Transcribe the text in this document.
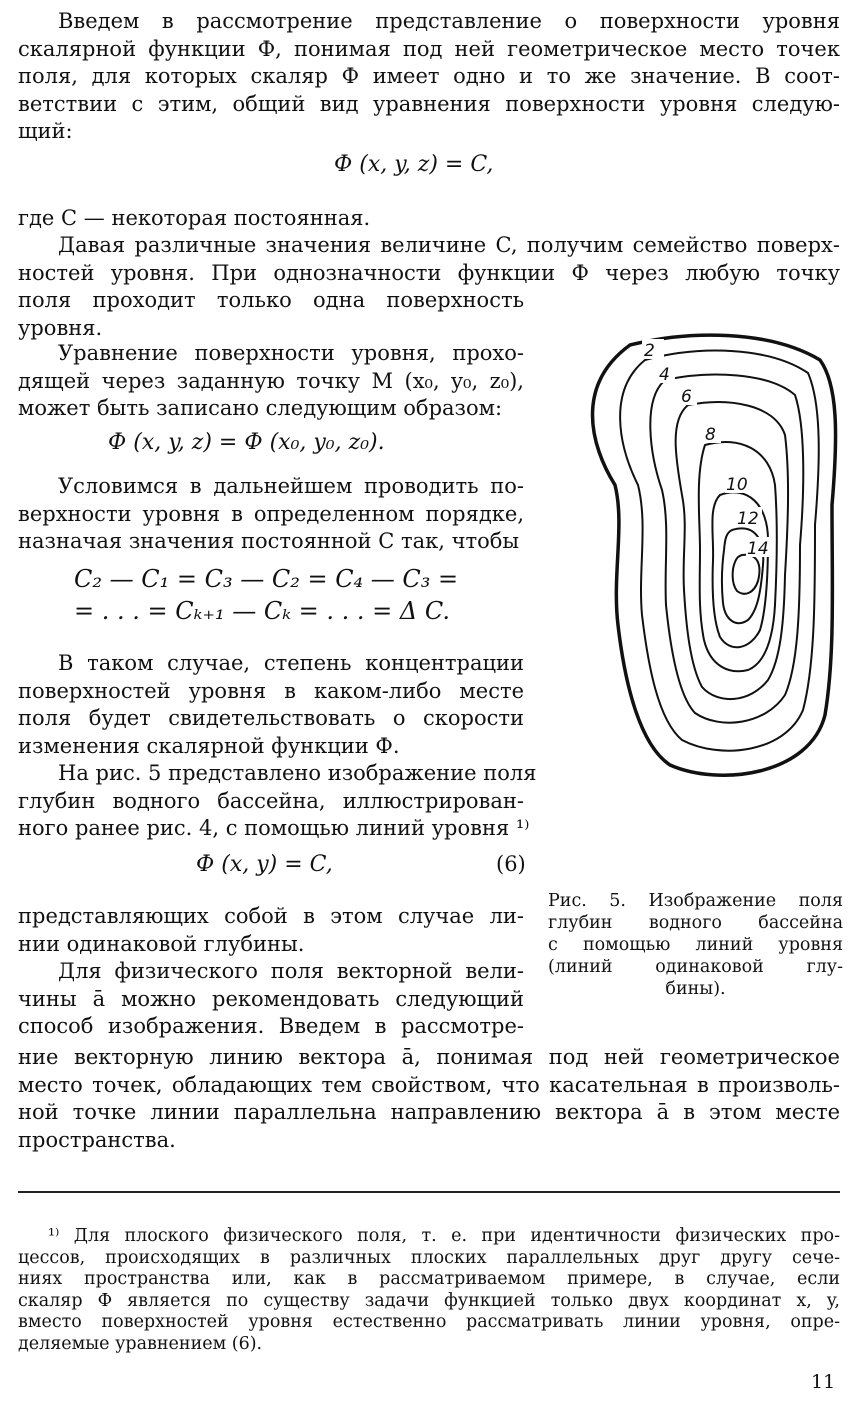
Введем в рассмотрение представление о поверхности уровня
скалярной функции Ф, понимая под ней геометрическое место точек
поля, для которых скаляр Ф имеет одно и то же значение. В соот-
ветствии с этим, общий вид уравнения поверхности уровня следую-
щий:
Ф (x, y, z) = C,
где C — некоторая постоянная.
Давая различные значения величине C, получим семейство поверх-
ностей уровня. При однозначности функции Ф через любую точку
поля проходит только одна поверхность
уровня.
Уравнение поверхности уровня, прохо-
дящей через заданную точку M (x₀, y₀, z₀),
может быть записано следующим образом:
Ф (x, y, z) = Ф (x₀, y₀, z₀).
Условимся в дальнейшем проводить по-
верхности уровня в определенном порядке,
назначая значения постоянной C так, чтобы
C₂ — C₁ = C₃ — C₂ = C₄ — C₃ =
= . . . = Cₖ₊₁ — Cₖ = . . . = Δ C.
В таком случае, степень концентрации
поверхностей уровня в каком-либо месте
поля будет свидетельствовать о скорости
изменения скалярной функции Ф.
На рис. 5 представлено изображение поля
глубин водного бассейна, иллюстрирован-
ного ранее рис. 4, с помощью линий уровня ¹⁾
Ф (x, y) = C,	(6)
представляющих собой в этом случае ли-
нии одинаковой глубины.
Для физического поля векторной вели-
чины ā можно рекомендовать следующий
способ изображения. Введем в рассмотре-
ние векторную линию вектора ā, понимая под ней геометрическое
место точек, обладающих тем свойством, что касательная в произволь-
ной точке линии параллельна направлению вектора ā в этом месте
пространства.
2
4
6
8
10
12
14
Рис. 5. Изображение поля
глубин водного бассейна
с помощью линий уровня
(линий одинаковой глу-
бины).
¹⁾ Для плоского физического поля, т. е. при идентичности физических про-
цессов, происходящих в различных плоских параллельных друг другу сече-
ниях пространства или, как в рассматриваемом примере, в случае, если
скаляр Ф является по существу задачи функцией только двух координат x, y,
вместо поверхностей уровня естественно рассматривать линии уровня, опре-
деляемые уравнением (6).
11
